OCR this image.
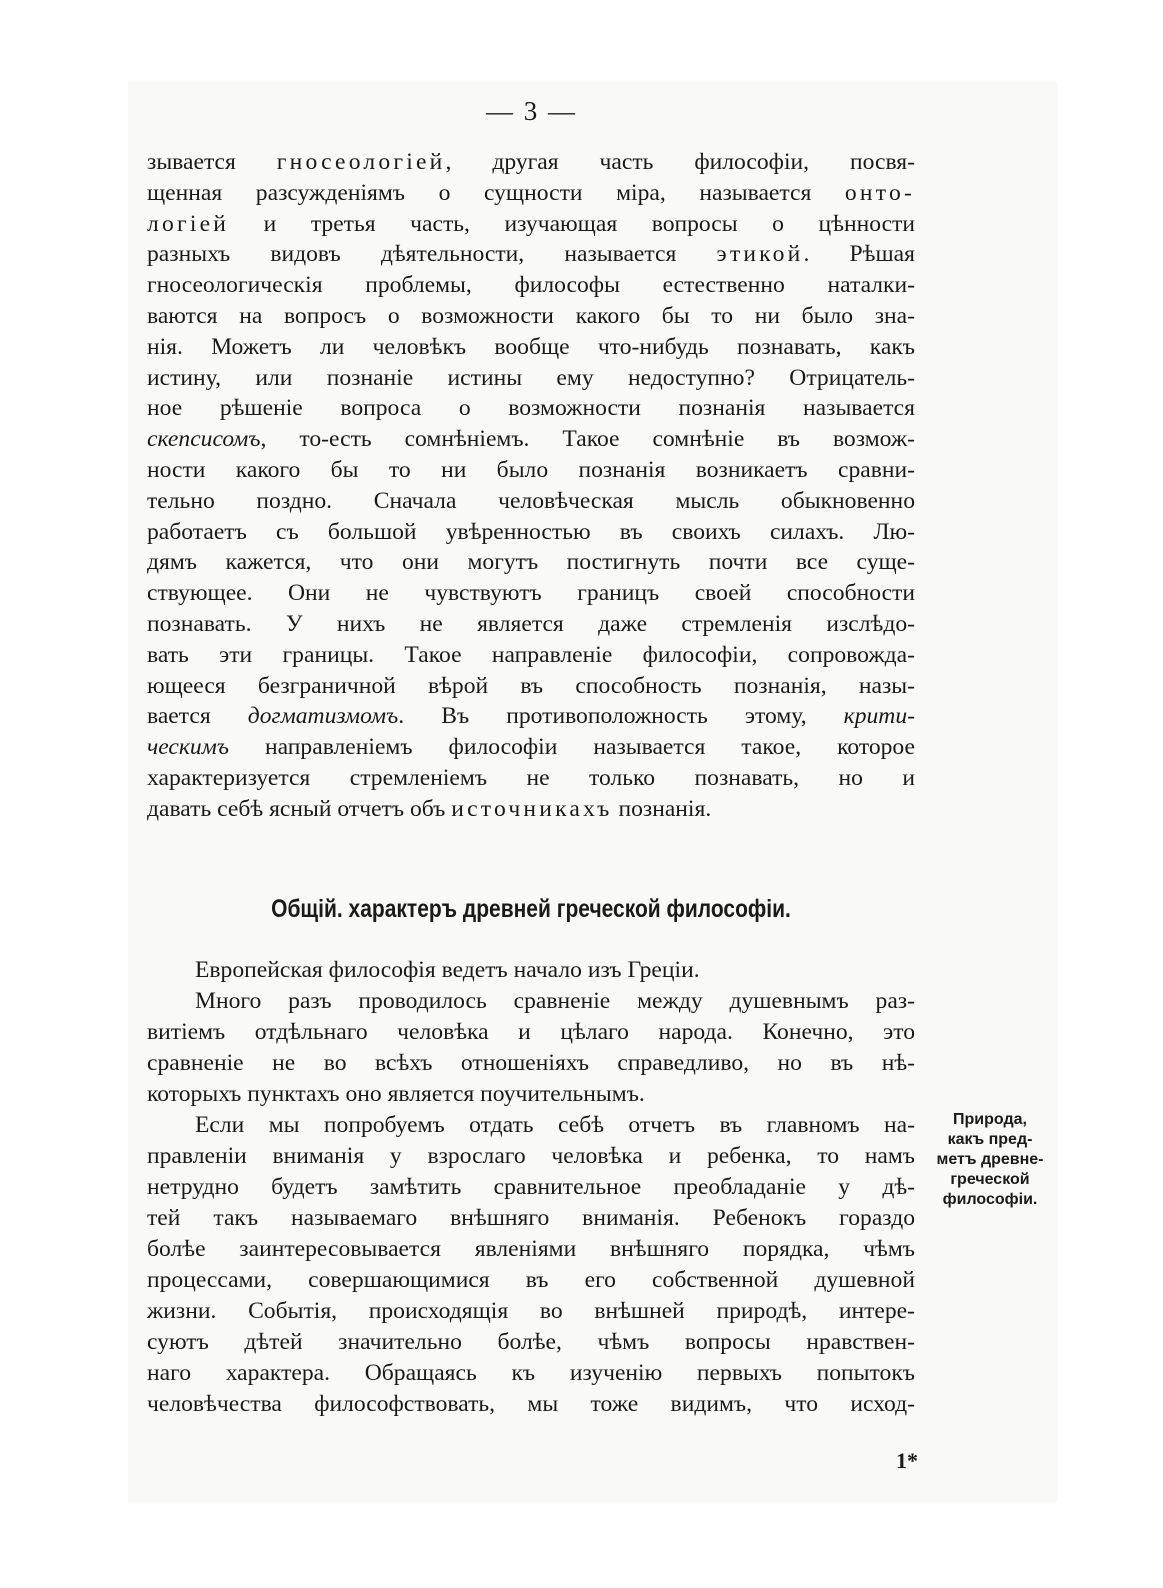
— 3 —
зывается гносеологіей, другая часть философіи, посвя-
щенная разсужденіямъ о сущности міра, называется онто-
логіей и третья часть, изучающая вопросы о цѣнности
разныхъ видовъ дѣятельности, называется этикой. Рѣшая
гносеологическія проблемы, философы естественно наталки-
ваются на вопросъ о возможности какого бы то ни было зна-
нія. Можетъ ли человѣкъ вообще что-нибудь познавать, какъ
истину, или познаніе истины ему недоступно? Отрицатель-
ное рѣшеніе вопроса о возможности познанія называется
скепсисомъ, то-есть сомнѣніемъ. Такое сомнѣніе въ возмож-
ности какого бы то ни было познанія возникаетъ сравни-
тельно поздно. Сначала человѣческая мысль обыкновенно
работаетъ съ большой увѣренностью въ своихъ силахъ. Лю-
дямъ кажется, что они могутъ постигнуть почти все суще-
ствующее. Они не чувствуютъ границъ своей способности
познавать. У нихъ не является даже стремленія изслѣдо-
вать эти границы. Такое направленіе философіи, сопровожда-
ющееся безграничной вѣрой въ способность познанія, назы-
вается догматизмомъ. Въ противоположность этому, крити-
ческимъ направленіемъ философіи называется такое, которое
характеризуется стремленіемъ не только познавать, но и
давать себѣ ясный отчетъ объ источникахъ познанія.
Общій. характеръ древней греческой философіи.
Европейская философія ведетъ начало изъ Греціи.
Много разъ проводилось сравненіе между душевнымъ раз-
витіемъ отдѣльнаго человѣка и цѣлаго народа. Конечно, это
сравненіе не во всѣхъ отношеніяхъ справедливо, но въ нѣ-
которыхъ пунктахъ оно является поучительнымъ.
Если мы попробуемъ отдать себѣ отчетъ въ главномъ на-
правленіи вниманія у взрослаго человѣка и ребенка, то намъ
нетрудно будетъ замѣтить сравнительное преобладаніе у дѣ-
тей такъ называемаго внѣшняго вниманія. Ребенокъ гораздо
болѣе заинтересовывается явленіями внѣшняго порядка, чѣмъ
процессами, совершающимися въ его собственной душевной
жизни. Событія, происходящія во внѣшней природѣ, интере-
суютъ дѣтей значительно болѣе, чѣмъ вопросы нравствен-
наго характера. Обращаясь къ изученію первыхъ попытокъ
человѣчества философствовать, мы тоже видимъ, что исход-
Природа,
какъ пред-
метъ древне-
греческой
философіи.
1*
